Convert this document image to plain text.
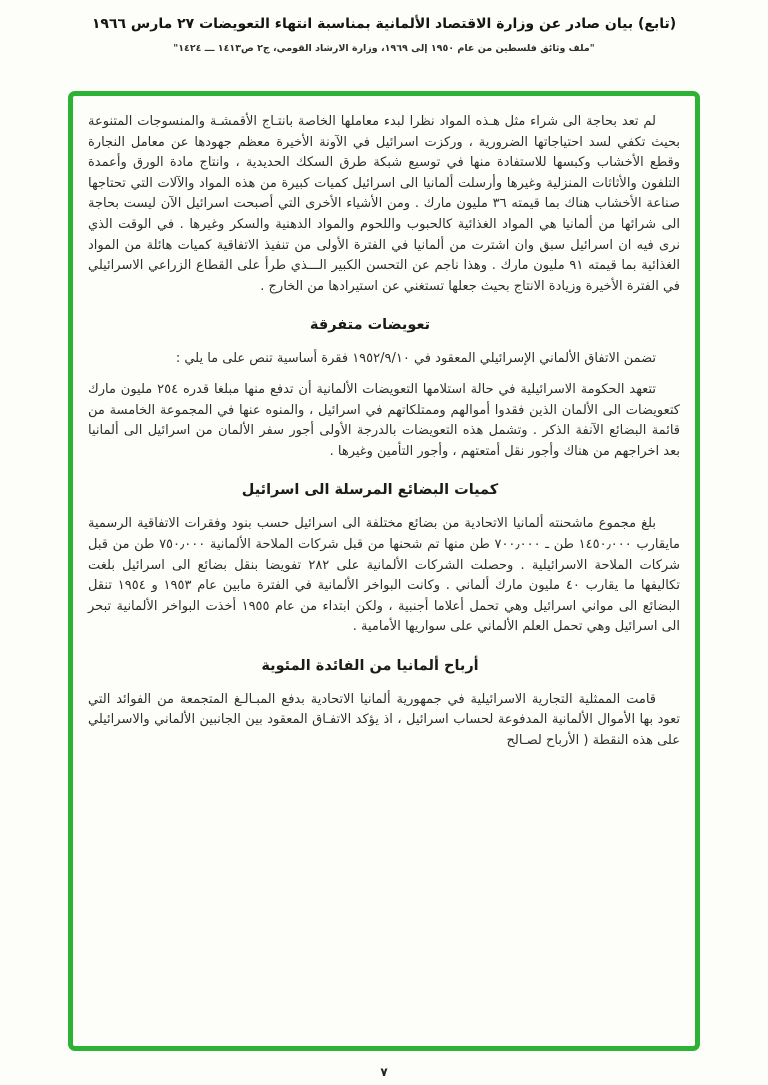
(تابع) بيان صادر عن وزارة الاقتصاد الألمانية بمناسبة انتهاء التعويضات ٢٧ مارس ١٩٦٦
"ملف وثائق فلسطين من عام ١٩٥٠ إلى ١٩٦٩، وزارة الارشاد القومي، ج٢ ص١٤١٣ ـــ ١٤٢٤"

لم تعد بحاجة الى شراء مثل هـذه المواد نظرا لبدء معاملها الخاصة بانتـاج الأقمشـة والمنسوجات المتنوعة بحيث تكفي لسد احتياجاتها الضرورية ، وركزت اسرائيل في الآونة الأخيرة معظم جهودها عن معامل النجارة وقطع الأخشاب وكبسها للاستفادة منها في توسيع شبكة طرق السكك الحديدية ، وانتاج مادة الورق وأعمدة التلفون والأثاثات المنزلية وغيرها وأرسلت ألمانيا الى اسرائيل كميات كبيرة من هذه المواد والآلات التي تحتاجها صناعة الأخشاب هناك بما قيمته ٣٦ مليون مارك . ومن الأشياء الأخرى التي أصبحت اسرائيل الآن ليست بحاجة الى شرائها من ألمانيا هي المواد الغذائية كالحبوب واللحوم والمواد الدهنية والسكر وغيرها . في الوقت الذي نرى فيه ان اسرائيل سبق وان اشترت من ألمانيا في الفترة الأولى من تنفيذ الاتفاقية كميات هائلة من المواد الغذائية بما قيمته ٩١ مليون مارك . وهذا ناجم عن التحسن الكبير الـــذي طرأ على القطاع الزراعي الاسرائيلي في الفترة الأخيرة وزيادة الانتاج بحيث جعلها تستغني عن استيرادها من الخارج .

تعويضات متفرقة

تضمن الاتفاق الألماني الإسرائيلي المعقود في ١٩٥٢/٩/١٠ فقرة أساسية تنص على ما يلي :

تتعهد الحكومة الاسرائيلية في حالة استلامها التعويضات الألمانية أن تدفع منها مبلغا قدره ٢٥٤ مليون مارك كتعويضات الى الألمان الذين فقدوا أموالهم وممتلكاتهم في اسرائيل ، والمنوه عنها في المجموعة الخامسة من قائمة البضائع الآنفة الذكر . وتشمل هذه التعويضات بالدرجة الأولى أجور سفر الألمان من اسرائيل الى ألمانيا بعد اخراجهم من هناك وأجور نقل أمتعتهم ، وأجور التأمين وغيرها .

كميات البضائع المرسلة الى اسرائيل

بلغ مجموع ماشحنته ألمانيا الاتحادية من بضائع مختلفة الى اسرائيل حسب بنود وفقرات الاتفاقية الرسمية مايقارب ١٤٥٠٫٠٠٠ طن ـ ٧٠٠٫٠٠٠ طن منها تم شحنها من قبل شركات الملاحة الألمانية ٧٥٠٫٠٠٠ طن من قبل شركات الملاحة الاسرائيلية . وحصلت الشركات الألمانية على ٢٨٢ تفويضا بنقل بضائع الى اسرائيل بلغت تكاليفها ما يقارب ٤٠ مليون مارك ألماني . وكانت البواخر الألمانية في الفترة مابين عام ١٩٥٣ و ١٩٥٤ تنقل البضائع الى مواني اسرائيل وهي تحمل أعلاما أجنبية ، ولكن ابتداء من عام ١٩٥٥ أخذت البواخر الألمانية تبحر الى اسرائيل وهي تحمل العلم الألماني على سواريها الأمامية .

أرباح ألمانيا من الفائدة المئوية

قامت الممثلية التجارية الاسرائيلية في جمهورية ألمانيا الاتحادية بدفع المبـالـغ المتجمعة من الفوائد التي تعود بها الأموال الألمانية المدفوعة لحساب اسرائيل ، اذ يؤكد الاتفـاق المعقود بين الجانبين الألماني والاسرائيلي على هذه النقطة ( الأرباح لصـالح

٧
